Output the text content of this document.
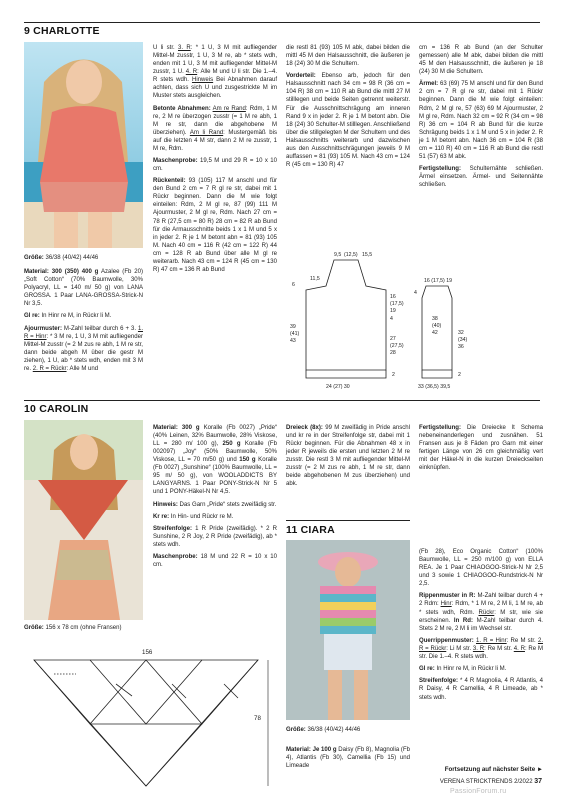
9 CHARLOTTE
Größe: 36/38 (40/42) 44/46

Material: 300 (350) 400 g Azalee (Fb 20) „Soft Cotton“ (70% Baumwolle, 30% Polyacryl, LL = 140 m/ 50 g) von LANA GROSSA. 1 Paar LANA-GROSSA-Strick-N Nr 3,5.

Gl re: In Hinr re M, in Rückr li M.

Ajourmuster: M-Zahl teilbar durch 6 + 3. 1. R = Hinr: * 3 M re, 1 U, 3 M mit aufliegender Mittel-M zusstr (= 2 M zus re abh, 1 M re str, dann beide abgeh M über die gestr M ziehen), 1 U, ab * stets wdh, enden mit 3 M re. 2. R = Rückr: Alle M und

U li str. 3. R: * 1 U, 3 M mit aufliegender Mittel-M zusstr, 1 U, 3 M re, ab * stets wdh, enden mit 1 U, 3 M mit aufliegender Mittel-M zusstr, 1 U. 4. R: Alle M und U li str. Die 1.–4. R stets wdh. Hinweis Bei Abnahmen darauf achten, dass sich U und zusgestrickte M im Muster stets ausgleichen.

Betonte Abnahmen: Am re Rand: Rdm, 1 M re, 2 M re überzogen zusstr (= 1 M re abh, 1 M re str, dann die abgehobene M überziehen). Am li Rand: Mustergemäß bis auf die letzten 4 M str, dann 2 M re zusstr, 1 M re, Rdm.

Maschenprobe: 19,5 M und 29 R = 10 x 10 cm.

Rückenteil: 93 (105) 117 M anschl und für den Bund 2 cm = 7 R gl re str, dabei mit 1 Rückr beginnen. Dann die M wie folgt einteilen: Rdm, 2 M gl re, 87 (99) 111 M Ajourmuster, 2 M gl re, Rdm. Nach 27 cm = 78 R (27,5 cm = 80 R) 28 cm = 82 R ab Bund für die Armausschnitte beids 1 x 1 M und 5 x in jeder 2. R je 1 M betont abn = 81 (93) 105 M. Nach 40 cm = 116 R (42 cm = 122 R) 44 cm = 128 R ab Bund über alle M gl re weiterarb. Nach 43 cm = 124 R (45 cm = 130 R) 47 cm = 136 R ab Bund

die restl 81 (93) 105 M abk, dabei bilden die mittl 45 M den Halsausschnitt, die äußeren je 18 (24) 30 M die Schultern.

Vorderteil: Ebenso arb, jedoch für den Halsausschnitt nach 34 cm = 98 R (36 cm = 104 R) 38 cm = 110 R ab Bund die mittl 27 M stilllegen und beide Seiten getrennt weiterstr. Für die Ausschnittschrägung am inneren Rand 9 x in jeder 2. R je 1 M betont abn. Die 18 (24) 30 Schulter-M stilllegen. Anschließend über die stillgelegten M der Schultern und des Halsausschnitts weiterarb und dazwischen aus den Ausschnittschrägungen jeweils 9 M auffassen = 81 (93) 105 M. Nach 43 cm = 124 R (45 cm = 130 R) 47

cm = 136 R ab Bund (an der Schulter gemessen) alle M abk, dabei bilden die mittl 45 M den Halsausschnitt, die äußeren je 18 (24) 30 M die Schultern.

Ärmel: 63 (69) 75 M anschl und für den Bund 2 cm = 7 R gl re str, dabei mit 1 Rückr beginnen. Dann die M wie folgt einteilen: Rdm, 2 M gl re, 57 (63) 69 M Ajourmuster, 2 M gl re, Rdm. Nach 32 cm = 92 R (34 cm = 98 R) 36 cm = 104 R ab Bund für die kurze Schrägung beids 1 x 1 M und 5 x in jeder 2. R je 1 M betont abn. Nach 36 cm = 104 R (38 cm = 110 R) 40 cm = 116 R ab Bund die restl 51 (57) 63 M abk.

Fertigstellung: Schulternähte schließen. Ärmel einsetzen. Ärmel- und Seitennähte schließen.

9,5 (12,5) 15,5
11,5
6
16
(17,5)
19
4
39
(41)
43	27
(27,5)
28
2
24 (27) 30
16 (17,5) 19
4
32
(34)
36
38
(40)
42
2
33 (36,5) 39,5
10 CAROLIN
Größe: 156 x 78 cm (ohne Fransen)
156
78

Material: 300 g Koralle (Fb 0027) „Pride“ (40% Leinen, 32% Baumwolle, 28% Viskose, LL = 280 m/ 100 g), 250 g Koralle (Fb 002097) „Joy“ (50% Baumwolle, 50% Viskose, LL = 70 m/50 g) und 150 g Koralle (Fb 0027) „Sunshine“ (100% Baumwolle, LL = 95 m/ 50 g), von WOOLADDICTS BY LANGYARNS. 1 Paar PONY-Strick-N Nr 5 und 1 PONY-Häkel-N Nr 4,5.

Hinweis: Das Garn „Pride“ stets zweifädig str.

Kr re: In Hin- und Rückr re M.

Streifenfolge: 1 R Pride (zweifädig). * 2 R Sunshine, 2 R Joy, 2 R Pride (zweifädig), ab * stets wdh.

Maschenprobe: 18 M und 22 R = 10 x 10 cm.

Dreieck (8x): 99 M zweifädig in Pride anschl und kr re in der Streifenfolge str, dabei mit 1 Rückr beginnen. Für die Abnahmen 48 x in jeder R jeweils die ersten und letzten 2 M re zusstr. Die restl 3 M mit aufliegender Mittel-M zusstr (= 2 M zus re abh, 1 M re str, dann beide abgehobenen M zus überziehen) und abk.

Fertigstellung: Die Dreiecke lt Schema nebeneinanderlegen und zusnähen. 51 Fransen aus je 8 Fäden pro Garn mit einer fertigen Länge von 26 cm gleichmäßig vert mit der Häkel-N in die kurzen Dreieckseiten einknüpfen.

11 CIARA
Größe: 36/38 (40/42) 44/46

Material: Je 100 g Daisy (Fb 8), Magnolia (Fb 4), Atlantis (Fb 30), Camellia (Fb 15) und Limeade

(Fb 28), Eco Organic Cotton“ (100% Baumwolle, LL = 250 m/100 g) von ELLA REA. Je 1 Paar CHIAOGOO-Strick-N Nr 2,5 und 3 sowie 1 CHIAOGOO-Rundstrick-N Nr 2,5.

Rippenmuster in R: M-Zahl teilbar durch 4 + 2 Rdm: Hinr: Rdm, * 1 M re, 2 M li, 1 M re, ab * stets wdh, Rdm. Rückr: M str, wie sie erscheinen. In Rd: M-Zahl teilbar durch 4. Stets 2 M re, 2 M li im Wechsel str.

Querrippenmuster: 1. R = Hinr: Re M str. 2. R = Rückr: Li M str. 3. R: Re M str. 4. R: Re M str. Die 1.–4. R stets wdh.

Gl re: In Hinr re M, in Rückr li M.

Streifenfolge: * 4 R Magnolia, 4 R Atlantis, 4 R Daisy, 4 R Camellia, 4 R Limeade, ab * stets wdh.

Fortsetzung auf nächster Seite ►
VERENA STRICKTRENDS 2/2022 37
PassionForum.ru
